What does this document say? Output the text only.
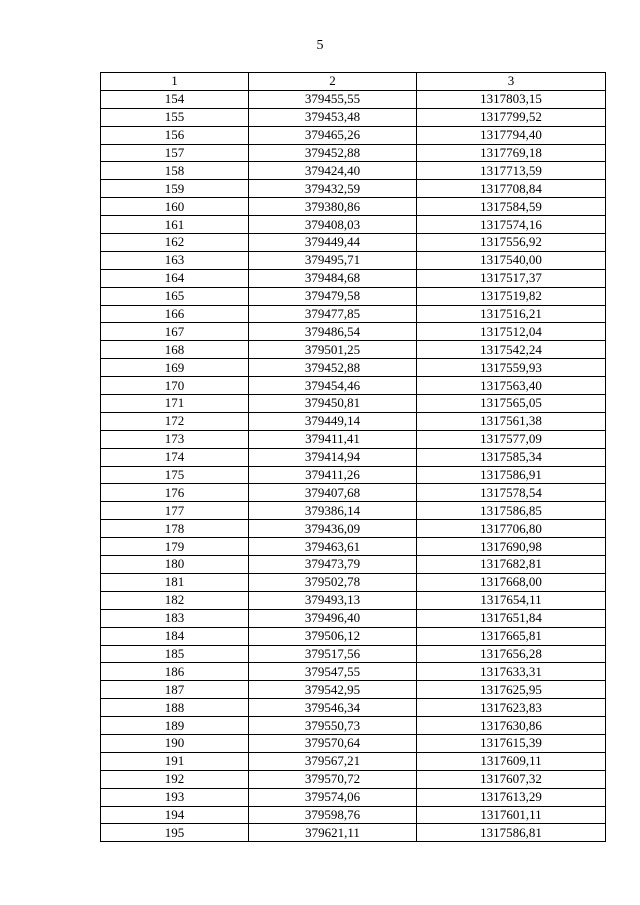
5
1	2	3
154	379455,55	1317803,15
155	379453,48	1317799,52
156	379465,26	1317794,40
157	379452,88	1317769,18
158	379424,40	1317713,59
159	379432,59	1317708,84
160	379380,86	1317584,59
161	379408,03	1317574,16
162	379449,44	1317556,92
163	379495,71	1317540,00
164	379484,68	1317517,37
165	379479,58	1317519,82
166	379477,85	1317516,21
167	379486,54	1317512,04
168	379501,25	1317542,24
169	379452,88	1317559,93
170	379454,46	1317563,40
171	379450,81	1317565,05
172	379449,14	1317561,38
173	379411,41	1317577,09
174	379414,94	1317585,34
175	379411,26	1317586,91
176	379407,68	1317578,54
177	379386,14	1317586,85
178	379436,09	1317706,80
179	379463,61	1317690,98
180	379473,79	1317682,81
181	379502,78	1317668,00
182	379493,13	1317654,11
183	379496,40	1317651,84
184	379506,12	1317665,81
185	379517,56	1317656,28
186	379547,55	1317633,31
187	379542,95	1317625,95
188	379546,34	1317623,83
189	379550,73	1317630,86
190	379570,64	1317615,39
191	379567,21	1317609,11
192	379570,72	1317607,32
193	379574,06	1317613,29
194	379598,76	1317601,11
195	379621,11	1317586,81
